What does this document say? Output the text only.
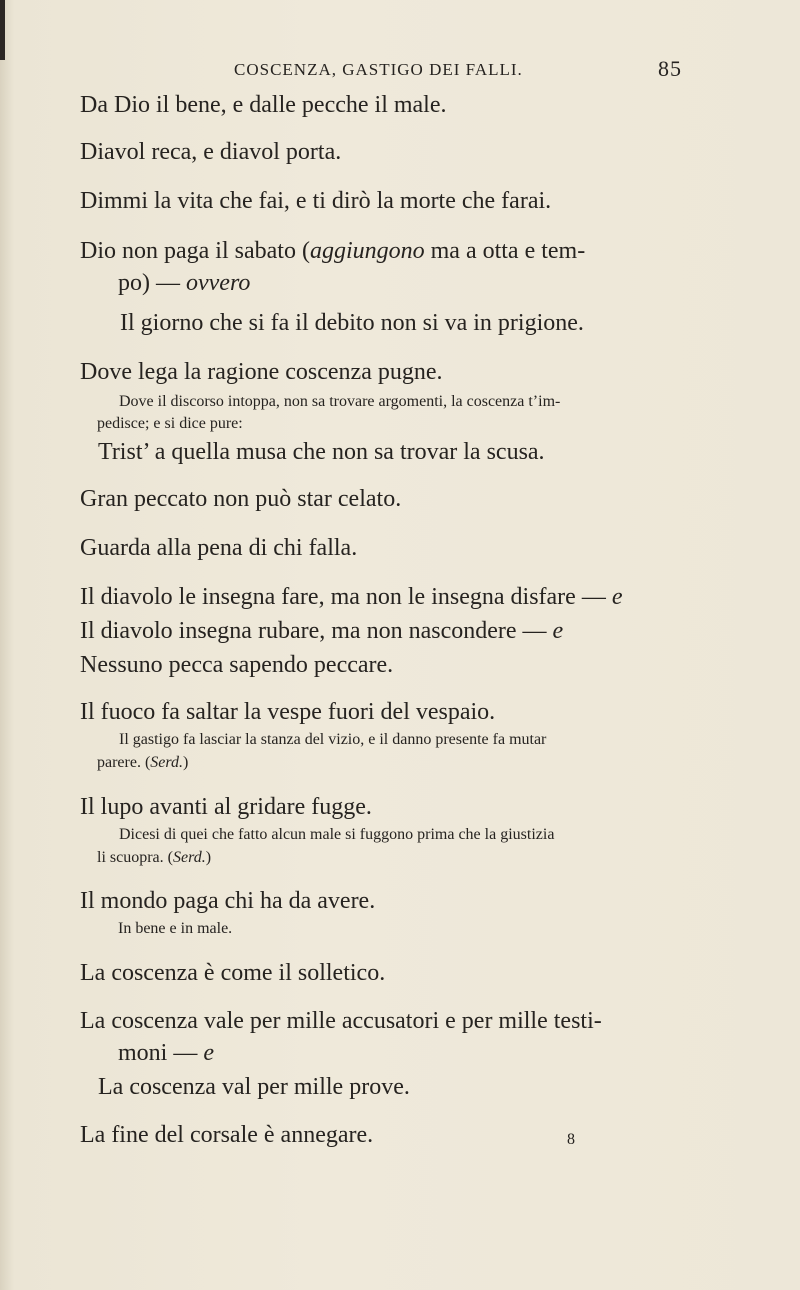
COSCENZA, GASTIGO DEI FALLI.	85
Da Dio il bene, e dalle pecche il male.
Diavol reca, e diavol porta.
Dimmi la vita che fai, e ti dirò la morte che farai.
Dio non paga il sabato (aggiungono ma a otta e tem-
po) — ovvero
Il giorno che si fa il debito non si va in prigione.
Dove lega la ragione coscenza pugne.
Dove il discorso intoppa, non sa trovare argomenti, la coscenza t’im-
pedisce; e si dice pure:
Trist’ a quella musa che non sa trovar la scusa.
Gran peccato non può star celato.
Guarda alla pena di chi falla.
Il diavolo le insegna fare, ma non le insegna disfare — e
Il diavolo insegna rubare, ma non nascondere — e
Nessuno pecca sapendo peccare.
Il fuoco fa saltar la vespe fuori del vespaio.
Il gastigo fa lasciar la stanza del vizio, e il danno presente fa mutar
parere. (Serd.)
Il lupo avanti al gridare fugge.
Dicesi di quei che fatto alcun male si fuggono prima che la giustizia
li scuopra. (Serd.)
Il mondo paga chi ha da avere.
In bene e in male.
La coscenza è come il solletico.
La coscenza vale per mille accusatori e per mille testi-
moni — e
La coscenza val per mille prove.
La fine del corsale è annegare.	8
